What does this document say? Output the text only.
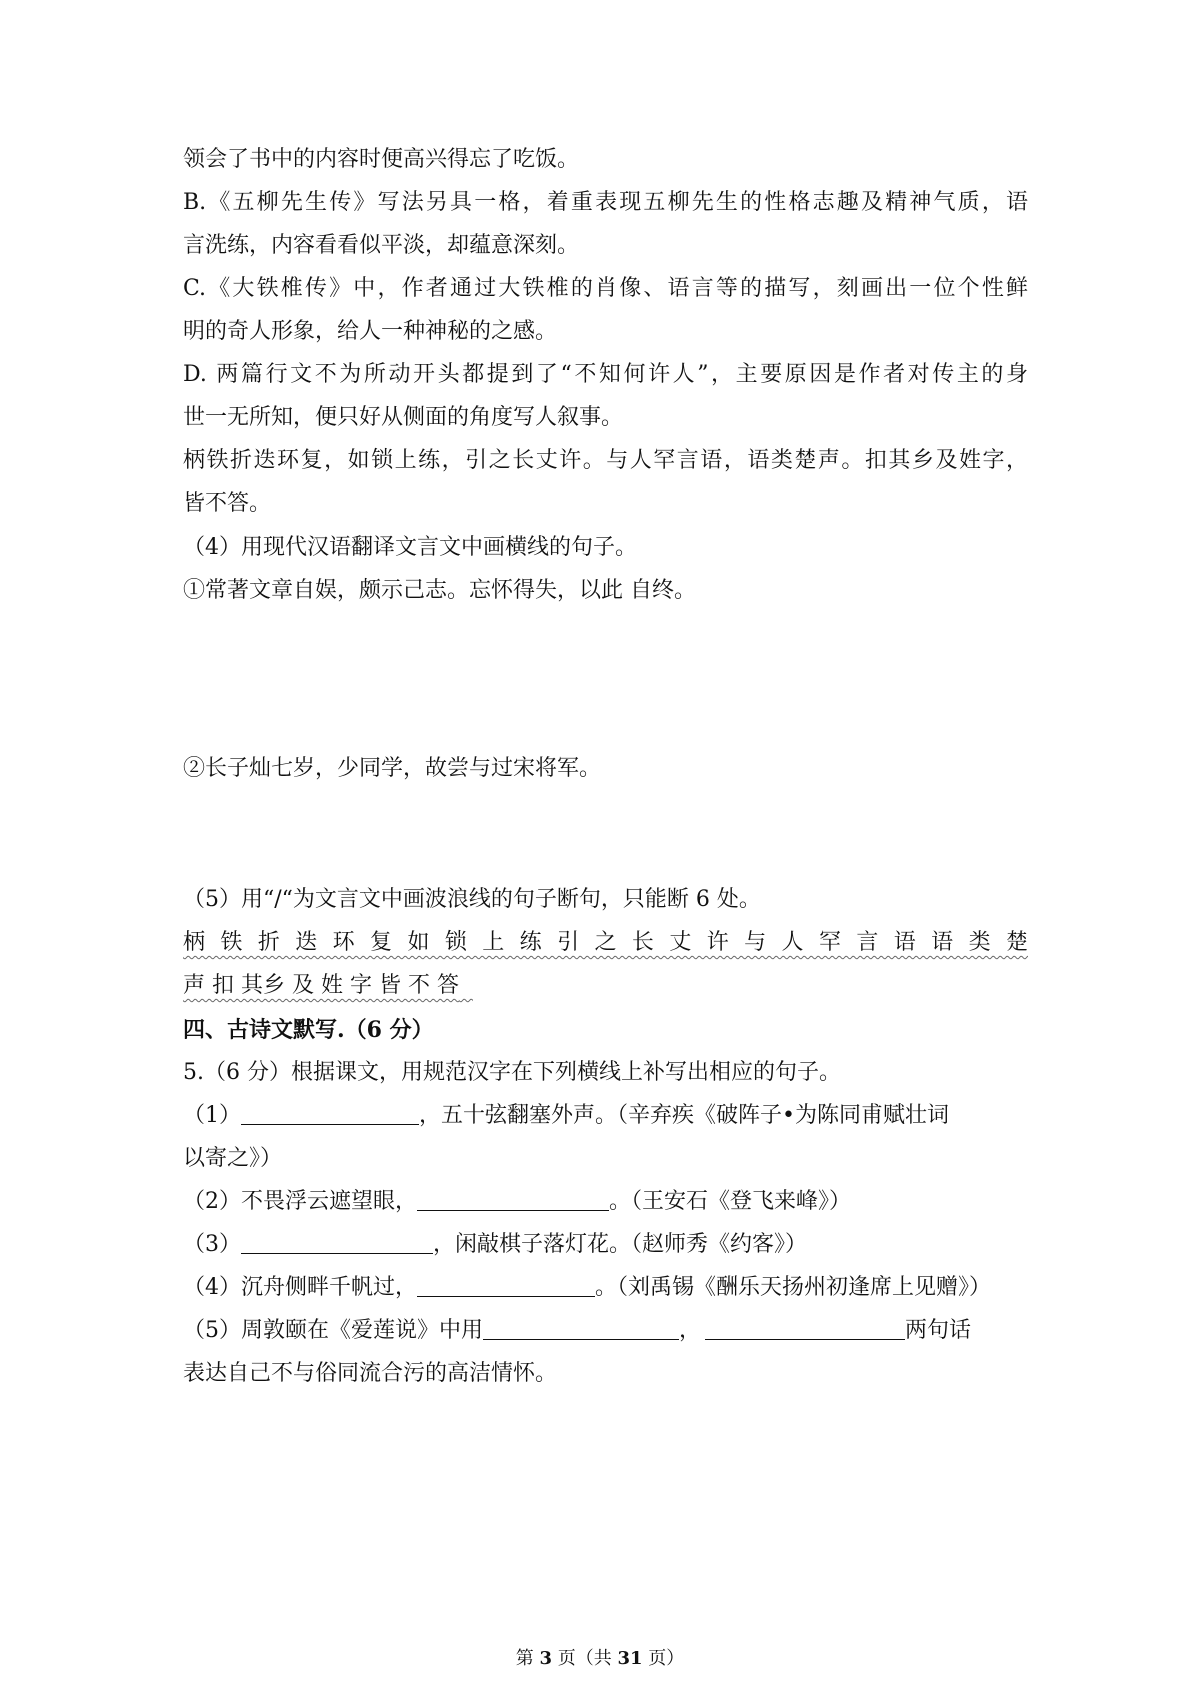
领会了书中的内容时便高兴得忘了吃饭。
B.《五柳先生传》写法另具一格，着重表现五柳先生的性格志趣及精神气质，语
言洗练，内容看看似平淡，却蕴意深刻。
C.《大铁椎传》中，作者通过大铁椎的肖像、语言等的描写，刻画出一位个性鲜
明的奇人形象，给人一种神秘的之感。
D. 两篇行文不为所动开头都提到了“不知何许人”，主要原因是作者对传主的身
世一无所知，便只好从侧面的角度写人叙事。
柄铁折迭环复，如锁上练，引之长丈许。与人罕言语，语类楚声。扣其乡及姓字，
皆不答。
（4）用现代汉语翻译文言文中画横线的句子。
①常著文章自娱，颇示己志。忘怀得失，以此 自终。
②长子灿七岁，少同学，故尝与过宋将军。
（5）用“/“为文言文中画波浪线的句子断句，只能断 6 处。
柄 铁 折 迭 环 复 如 锁 上 练 引 之 长 丈 许 与 人 罕 言 语 语 类 楚
声 扣 其乡 及 姓 字 皆 不 答
四、古诗文默写.（6 分）
5.（6 分）根据课文，用规范汉字在下列横线上补写出相应的句子。
（1）	，五十弦翻塞外声。（辛弃疾《破阵子•为陈同甫赋壮词
以寄之》）
（2）不畏浮云遮望眼，	。（王安石《登飞来峰》）
（3）	，闲敲棋子落灯花。（赵师秀《约客》）
（4）沉舟侧畔千帆过，	。（刘禹锡《酬乐天扬州初逢席上见赠》）
（5）周敦颐在《爱莲说》中用	，	两句话
表达自己不与俗同流合污的高洁情怀。
第 3 页（共 31 页）
